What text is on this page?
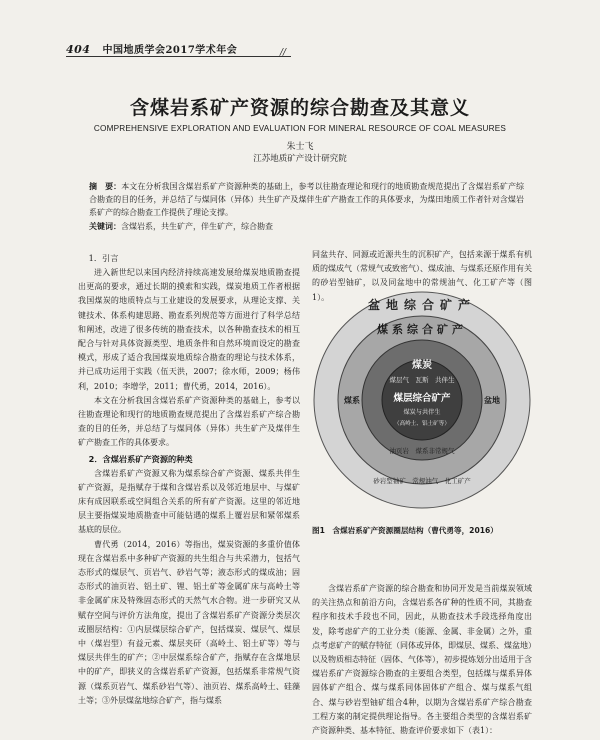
404 中国地质学会2017学术年会	//
含煤岩系矿产资源的综合勘查及其意义
COMPREHENSIVE EXPLORATION AND EVALUATION FOR MINERAL RESOURCE OF COAL MEASURES
朱士飞
江苏地质矿产设计研究院
摘　要：本文在分析我国含煤岩系矿产资源种类的基础上，参考以往勘查理论和现行的地质勘查规范提出了含煤岩系矿产综合勘查的目的任务，并总结了与煤同体（异体）共生矿产及煤伴生矿产勘查工作的具体要求，为煤田地质工作者针对含煤岩系矿产的综合勘查工作提供了理论支撑。
关键词：含煤岩系，共生矿产，伴生矿产，综合勘查
1．引言

进入新世纪以来国内经济持续高速发展给煤炭地质勘查提出更高的要求，通过长期的摸索和实践，煤炭地质工作者根据我国煤炭的地质特点与工业建设的发展要求，从理论支撑、关键技术、体系构建思路、勘查系列规范等方面进行了科学总结和阐述，改进了很多传统的勘查技术，以各种勘查技术的相互配合与针对具体资源类型、地质条件和自然环境而设定的勘查模式，形成了适合我国煤炭地质综合勘查的理论与技术体系，并已成功运用于实践（伍天洪，2007；徐水师，2009；杨伟利，2010；李增学，2011；曹代勇，2014，2016）。

本文在分析我国含煤岩系矿产资源种类的基础上，参考以往勘查理论和现行的地质勘查规范提出了含煤岩系矿产综合勘查的目的任务，并总结了与煤同体（异体）共生矿产及煤伴生矿产勘查工作的具体要求。

2．含煤岩系矿产资源的种类

含煤岩系矿产资源又称为煤系综合矿产资源、煤系共伴生矿产资源，是指赋存于煤和含煤岩系以及邻近地层中、与煤矿床有成因联系或空间组合关系的所有矿产资源。这里的邻近地层主要指煤炭地质勘查中可能钻遇的煤系上覆岩层和紧邻煤系基底的层位。

曹代勇（2014，2016）等指出，煤炭资源的多重价值体现在含煤岩系中多种矿产资源的共生组合与共采潜力，包括气态形式的煤层气、页岩气、砂岩气等；液态形式的煤成油；固态形式的油页岩、铝土矿、锂、铝土矿等金属矿床与高岭土等非金属矿床及特殊固态形式的天然气水合物。进一步研究又从赋存空间与评价方法角度，提出了含煤岩系矿产资源分类层次或圈层结构：①内层煤层综合矿产，包括煤炭、煤层气、煤层中（煤岩型）有益元素、煤层夹矸（高岭土、铝土矿等）等与煤层共伴生的矿产；②中层煤系综合矿产，指赋存在含煤地层中的矿产，即狭义的含煤岩系矿产资源，包括煤系非常规气资源（煤系页岩气、煤系砂岩气等）、油页岩、煤系高岭土、硅藻土等；③外层煤盆地综合矿产，指与煤系

同盆共存、同源或近源共生的沉积矿产，包括来源于煤系有机质的煤成气（常规气或致密气）、煤成油、与煤系还原作用有关的砂岩型铀矿，以及同盆地中的常规油气、化工矿产等（图1）。

盆地综合矿产
煤系综合矿产
煤炭
煤层气　瓦斯　共伴生
煤层综合矿产
煤炭与共伴生
（高岭土、铝土矿等）
油页岩　煤系非常规气
砂岩型铀矿　常规油气　化工矿产
煤系	盆地
图1　 含煤岩系矿产资源圈层结构（曹代勇等，2016）

含煤岩系矿产资源的综合勘查和协同开发是当前煤炭领域的关注热点和前沿方向，含煤岩系各矿种的性质不同，其勘查程序和技术手段也不同，因此，从勘查技术手段选择角度出发，除考虑矿产的工业分类（能源、金属、非金属）之外，重点考虑矿产的赋存特征（同体或异体，即煤层、煤系、煤盆地）以及物质相态特征（固体、气体等），初步提炼划分出适用于含煤岩系矿产资源综合勘查的主要组合类型，包括煤与煤系异体固体矿产组合、煤与煤系同体固体矿产组合、煤与煤系气组合、煤与砂岩型铀矿组合4种，以期为含煤岩系矿产综合勘查工程方案的制定提供理论指导。各主要组合类型的含煤岩系矿产资源种类、基本特征、勘查评价要求如下（表1）：
